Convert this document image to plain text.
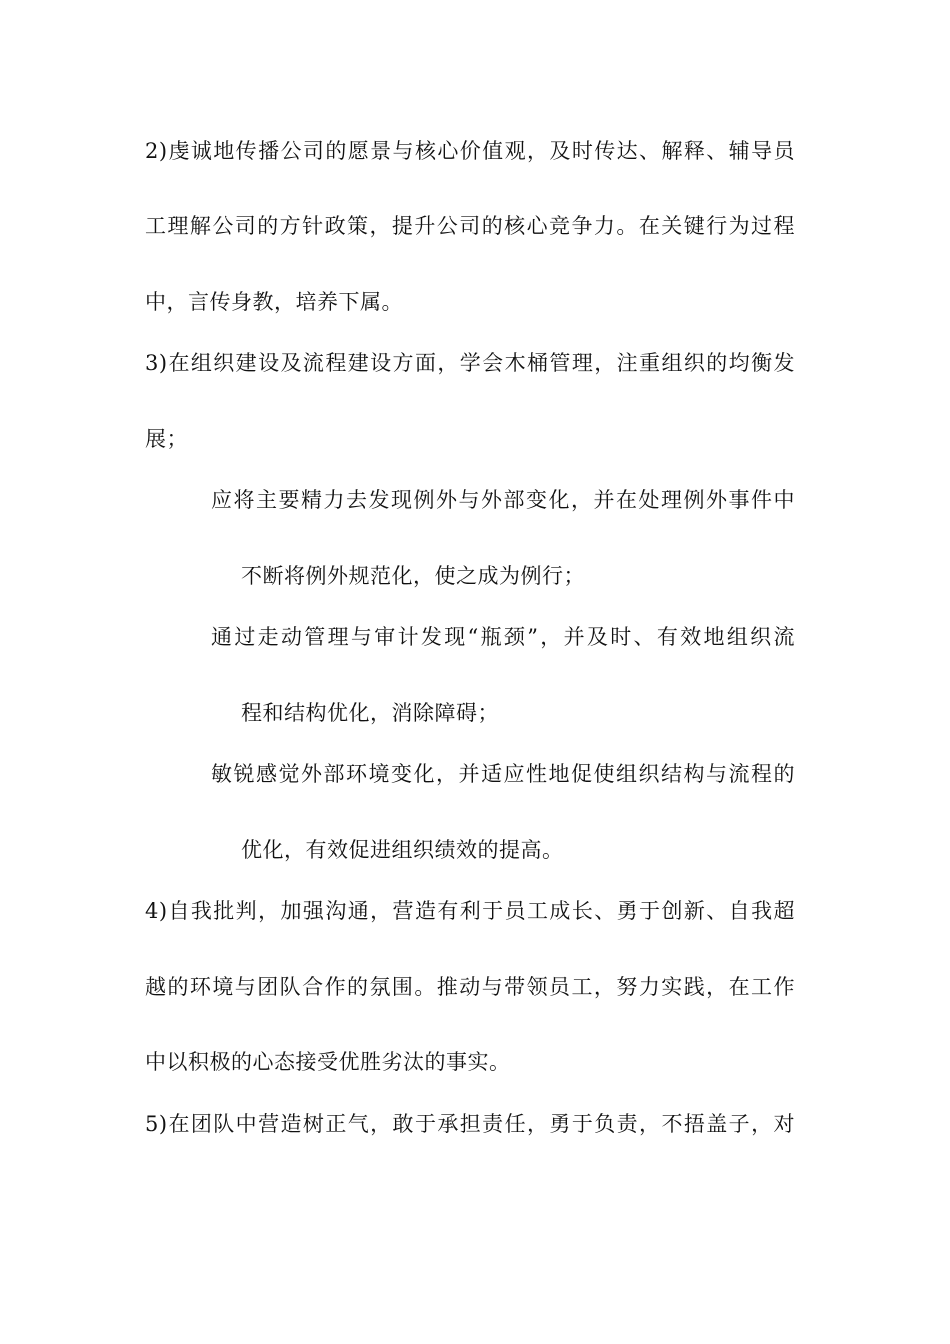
2)虔诚地传播公司的愿景与核心价值观，及时传达、解释、辅导员
工理解公司的方针政策，提升公司的核心竞争力。在关键行为过程
中，言传身教，培养下属。
3)在组织建设及流程建设方面，学会木桶管理，注重组织的均衡发
展；
应将主要精力去发现例外与外部变化，并在处理例外事件中
不断将例外规范化，使之成为例行；
通过走动管理与审计发现“瓶颈”，并及时、有效地组织流
程和结构优化，消除障碍；
敏锐感觉外部环境变化，并适应性地促使组织结构与流程的
优化，有效促进组织绩效的提高。
4)自我批判，加强沟通，营造有利于员工成长、勇于创新、自我超
越的环境与团队合作的氛围。推动与带领员工，努力实践，在工作
中以积极的心态接受优胜劣汰的事实。
5)在团队中营造树正气，敢于承担责任，勇于负责，不捂盖子，对
